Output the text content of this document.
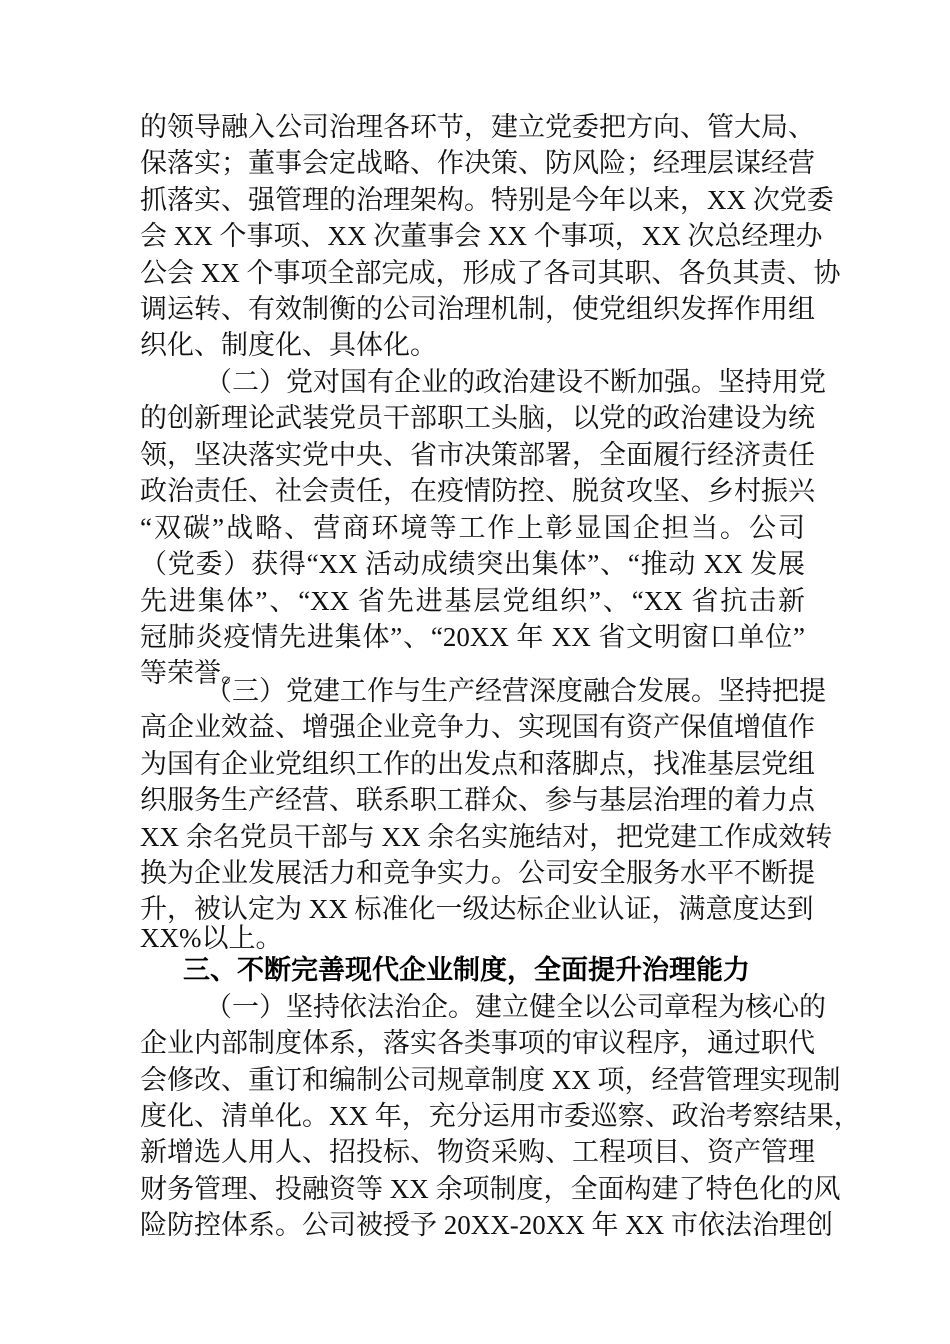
的领导融入公司治理各环节，建立党委把方向、管大局、
保落实；董事会定战略、作决策、防风险；经理层谋经营
抓落实、强管理的治理架构。特别是今年以来，XX 次党委
会 XX 个事项、XX 次董事会 XX 个事项，XX 次总经理办
公会 XX 个事项全部完成，形成了各司其职、各负其责、协
调运转、有效制衡的公司治理机制，使党组织发挥作用组
织化、制度化、具体化。
（二）党对国有企业的政治建设不断加强。坚持用党
的创新理论武装党员干部职工头脑，以党的政治建设为统
领，坚决落实党中央、省市决策部署，全面履行经济责任
政治责任、社会责任，在疫情防控、脱贫攻坚、乡村振兴
“双碳”战略、营商环境等工作上彰显国企担当。公司
（党委）获得“XX 活动成绩突出集体”、“推动 XX 发展
先进集体”、“XX 省先进基层党组织”、“XX 省抗击新
冠肺炎疫情先进集体”、“20XX 年 XX 省文明窗口单位”
等荣誉。
（三）党建工作与生产经营深度融合发展。坚持把提
高企业效益、增强企业竞争力、实现国有资产保值增值作
为国有企业党组织工作的出发点和落脚点，找准基层党组
织服务生产经营、联系职工群众、参与基层治理的着力点
XX 余名党员干部与 XX 余名实施结对，把党建工作成效转
换为企业发展活力和竞争实力。公司安全服务水平不断提
升，被认定为 XX 标准化一级达标企业认证，满意度达到
XX%以上。
三、不断完善现代企业制度，全面提升治理能力
（一）坚持依法治企。建立健全以公司章程为核心的
企业内部制度体系，落实各类事项的审议程序，通过职代
会修改、重订和编制公司规章制度 XX 项，经营管理实现制
度化、清单化。XX 年，充分运用市委巡察、政治考察结果，
新增选人用人、招投标、物资采购、工程项目、资产管理
财务管理、投融资等 XX 余项制度，全面构建了特色化的风
险防控体系。公司被授予 20XX-20XX 年 XX 市依法治理创
